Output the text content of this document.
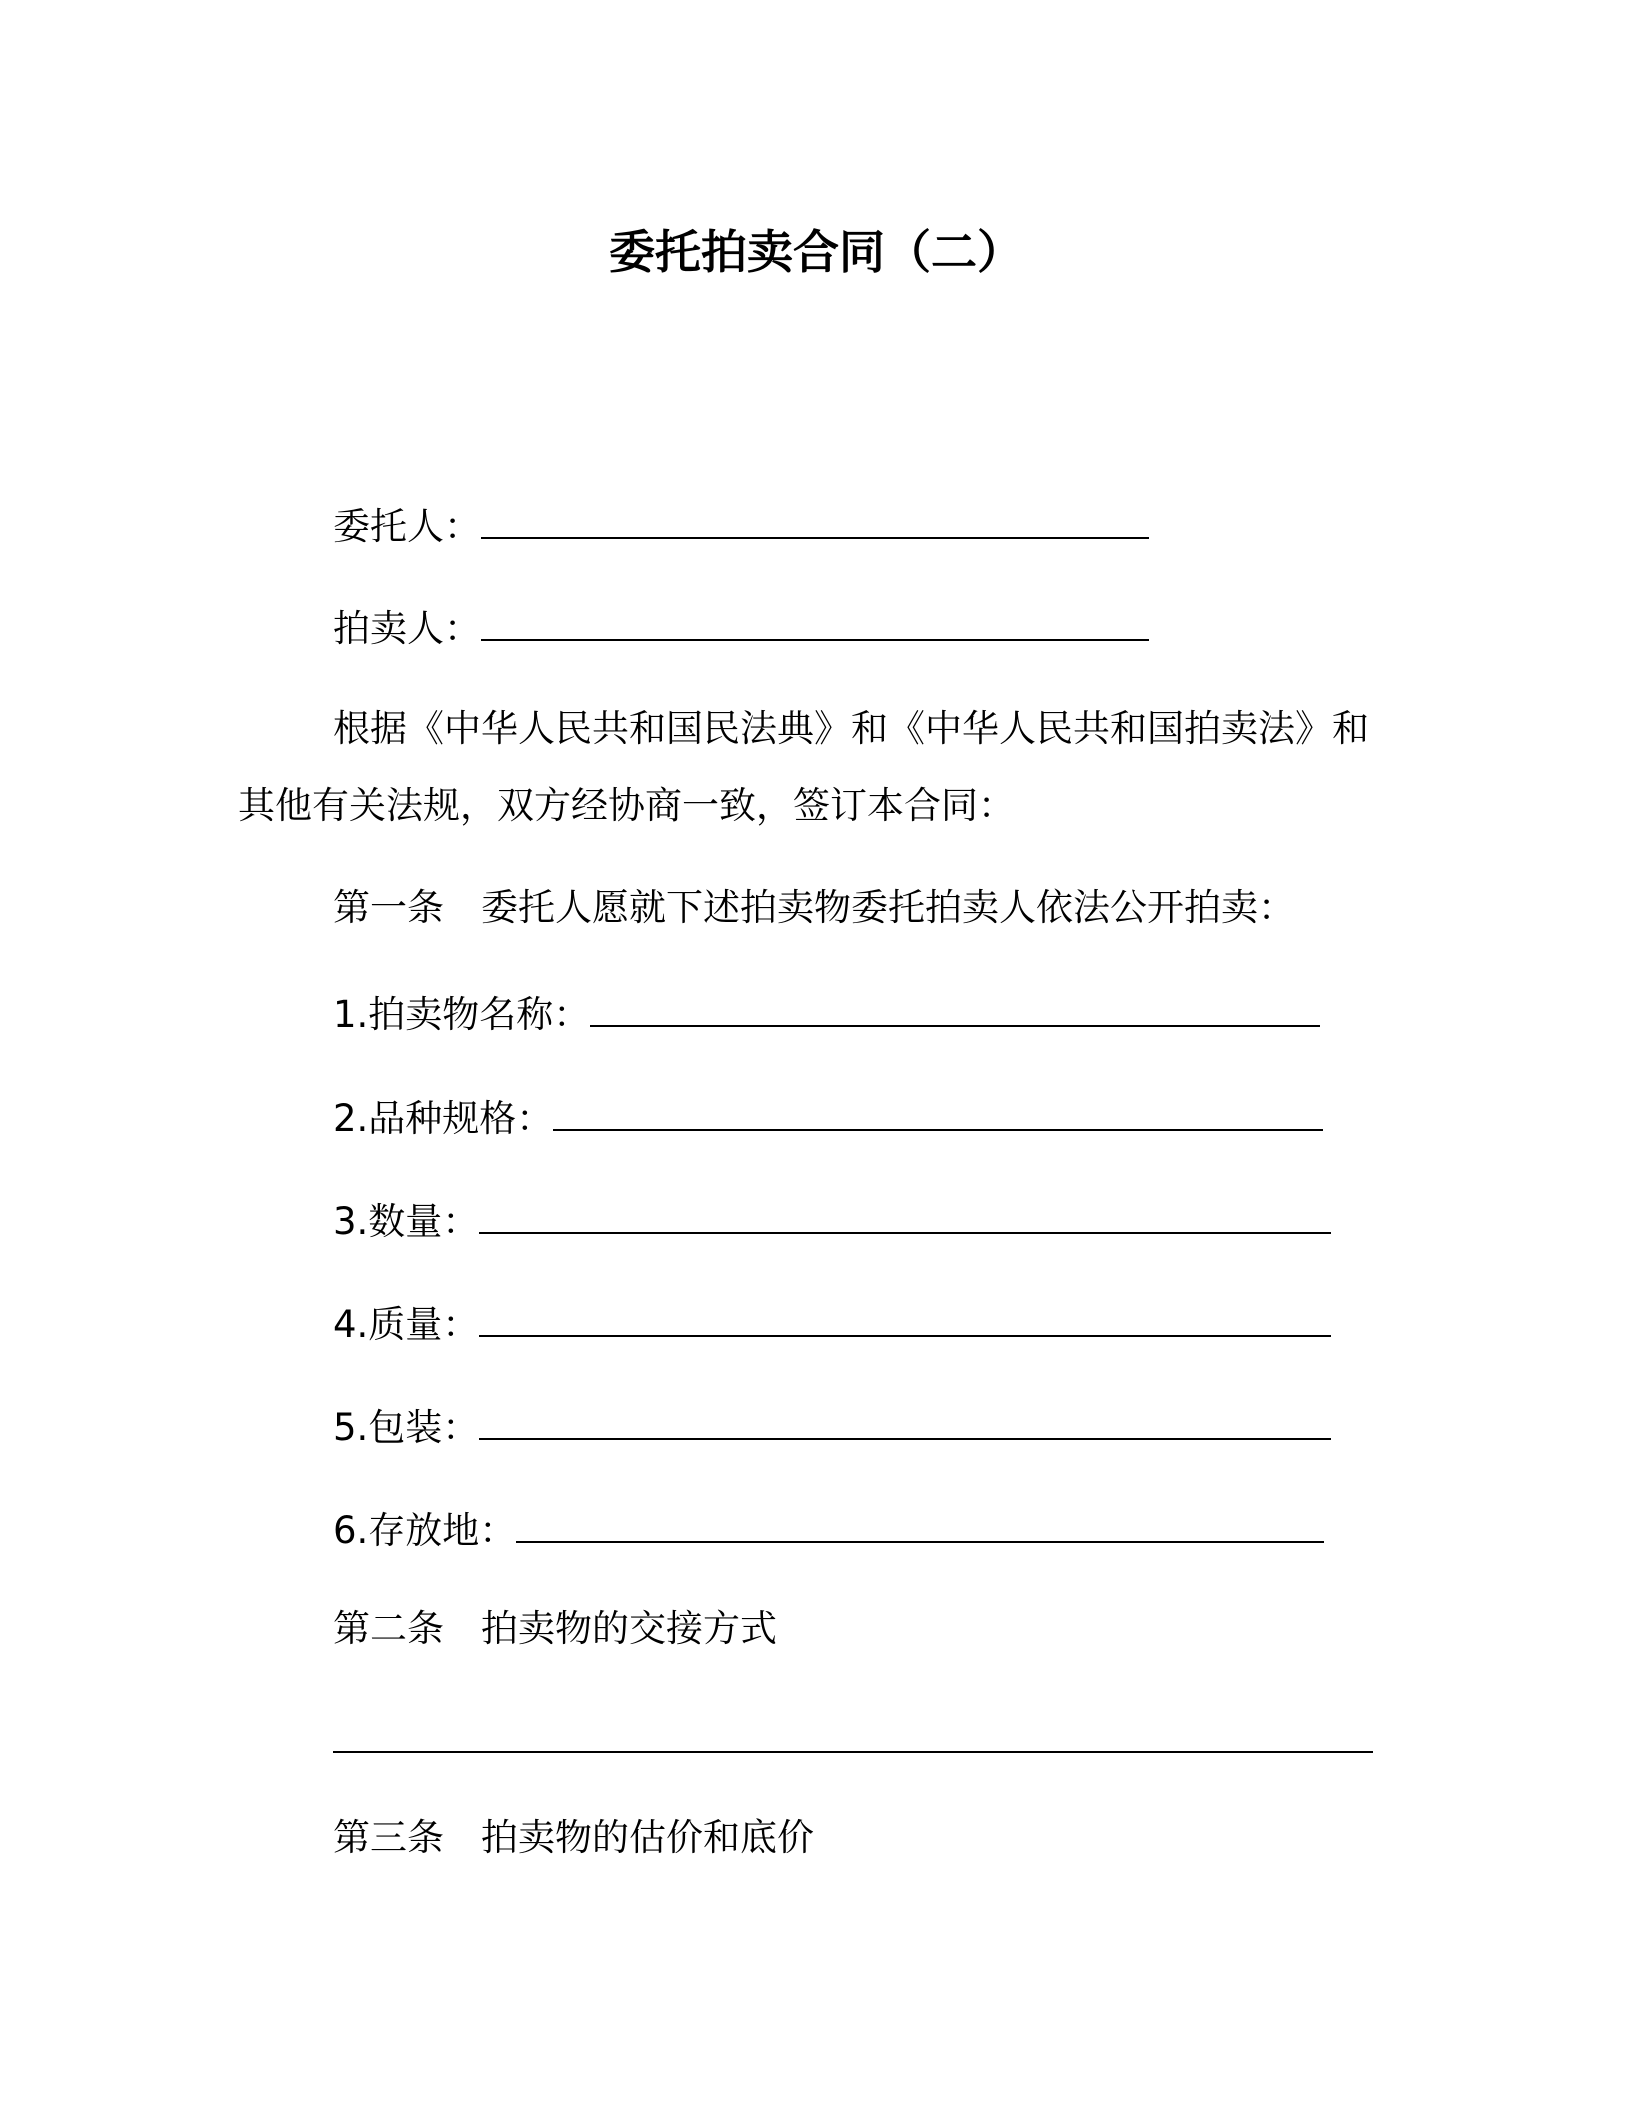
委托拍卖合同（二）

委托人：

拍卖人：

根据《中华人民共和国民法典》和《中华人民共和国拍卖法》和

其他有关法规，双方经协商一致，签订本合同：

第一条 委托人愿就下述拍卖物委托拍卖人依法公开拍卖：

1.拍卖物名称：

2.品种规格：

3.数量：

4.质量：

5.包装：

6.存放地：

第二条 拍卖物的交接方式

第三条 拍卖物的估价和底价
